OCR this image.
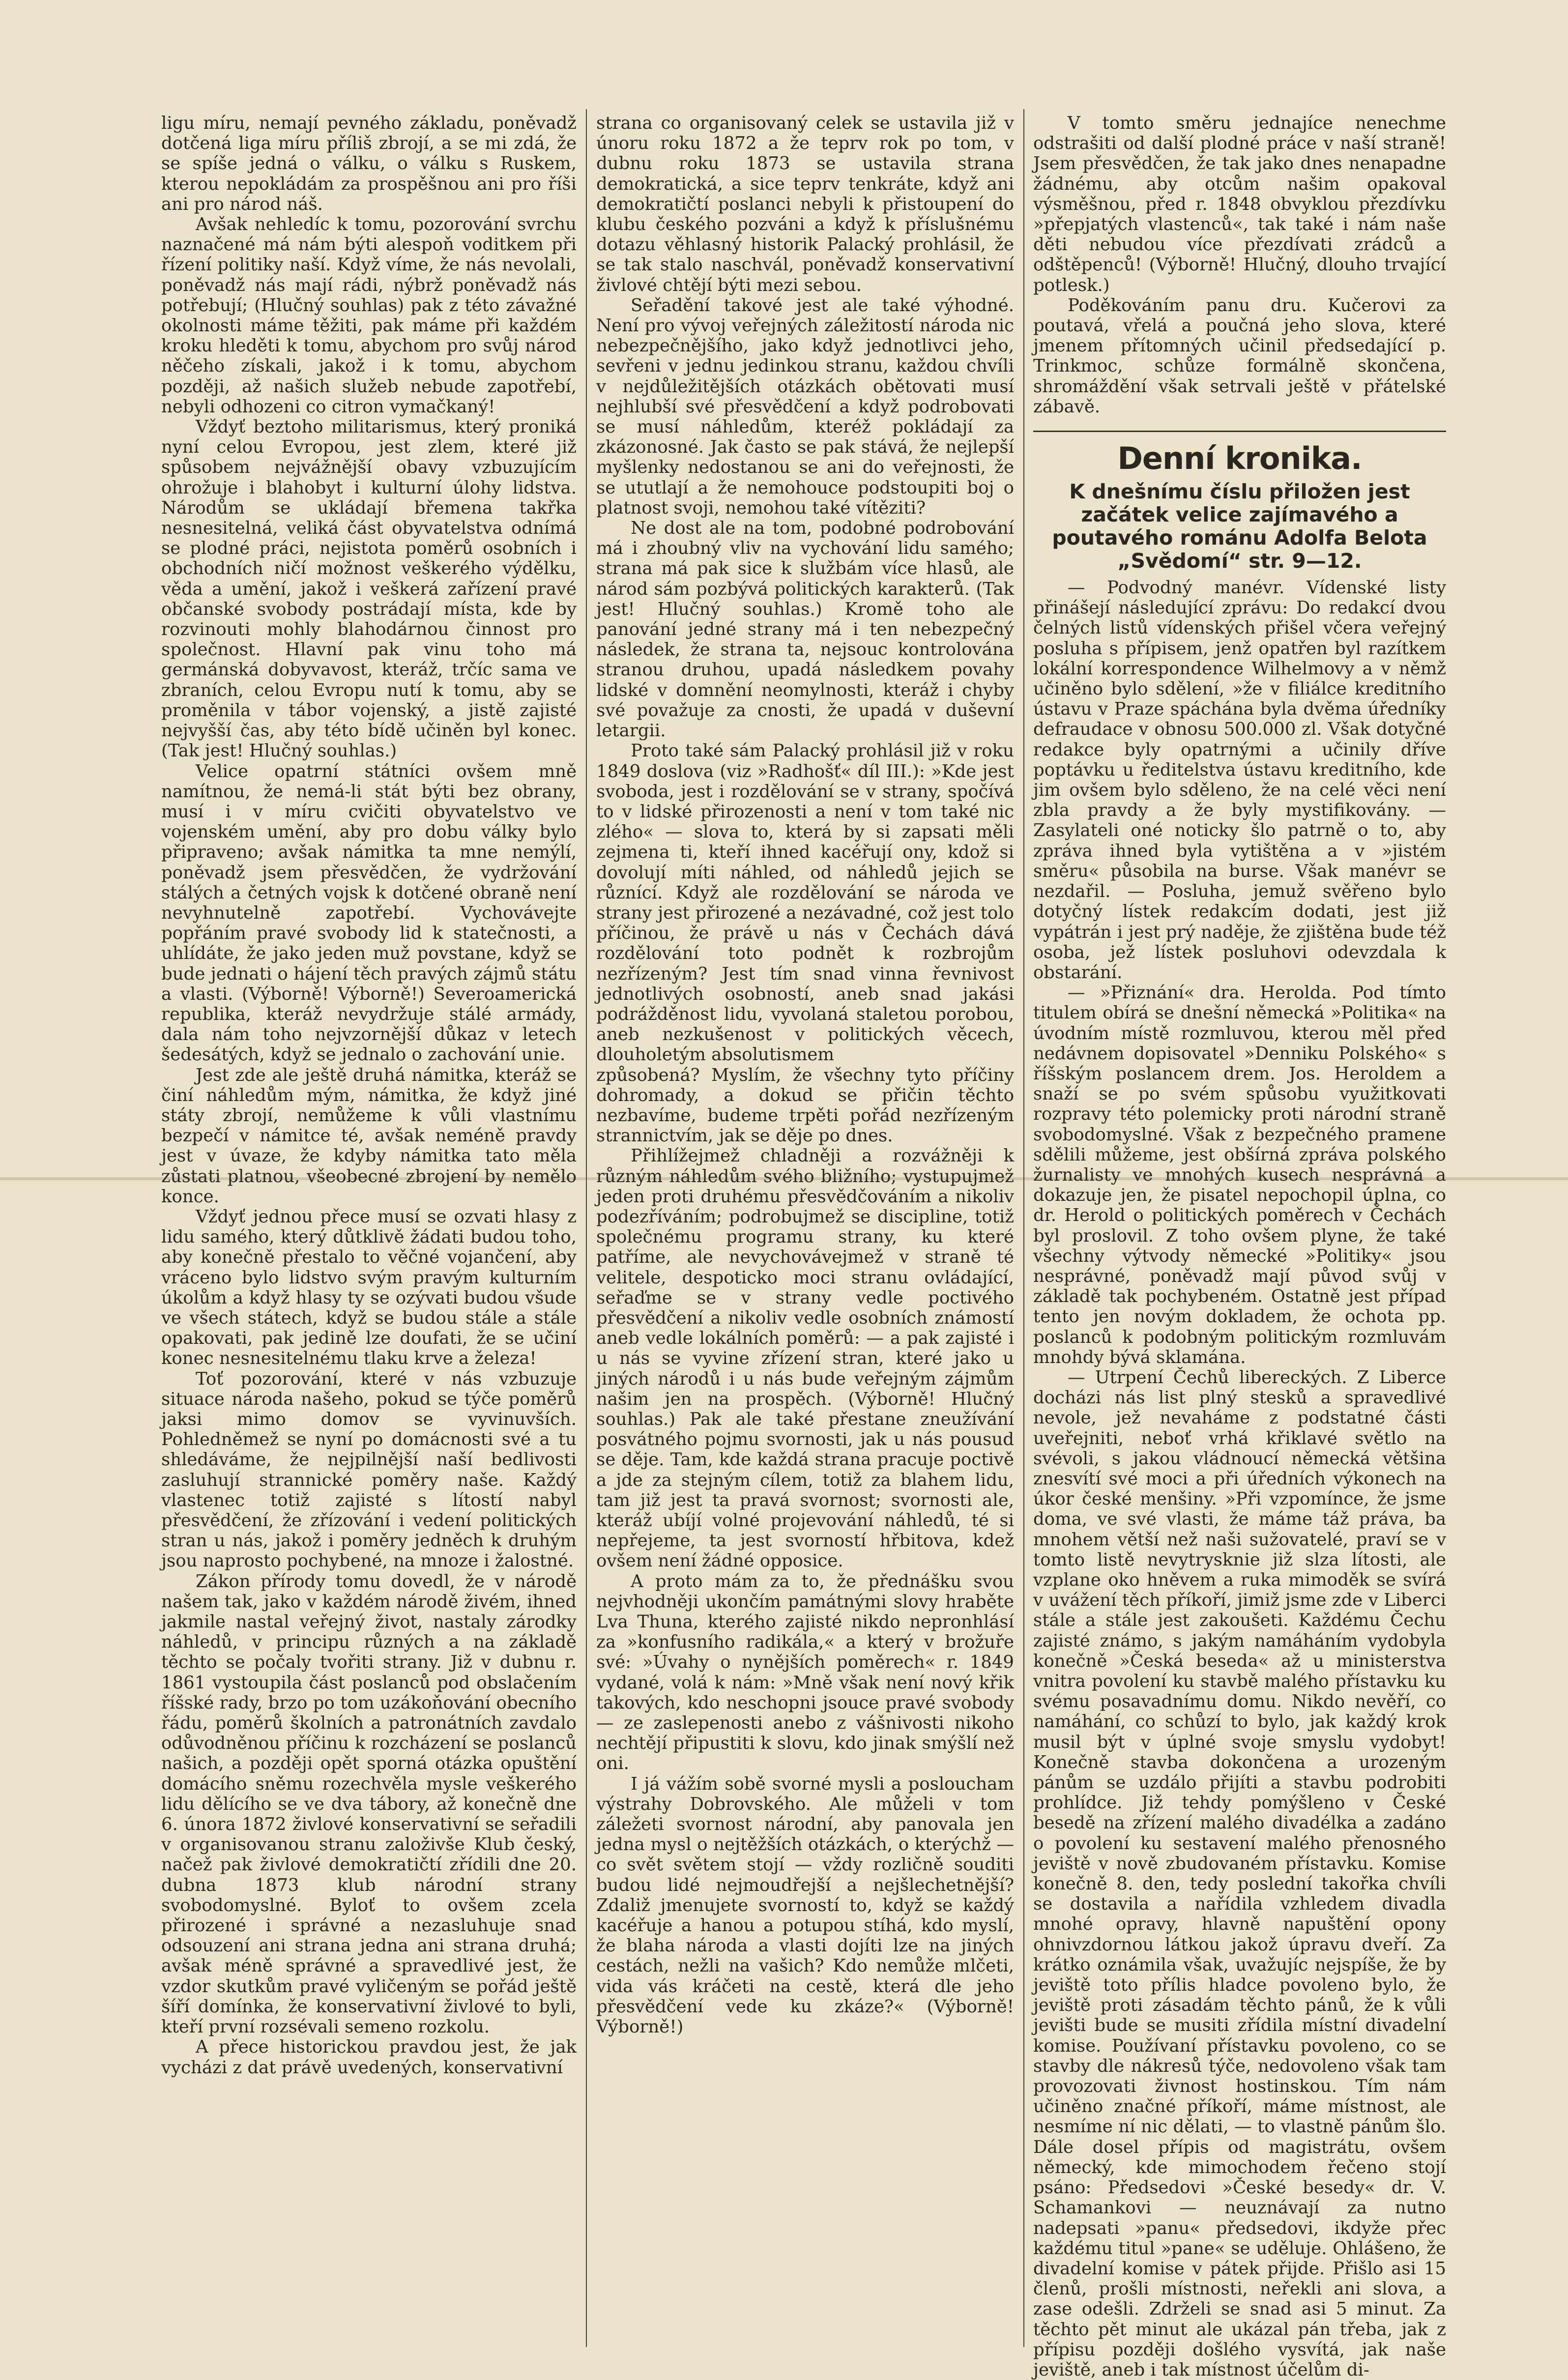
ligu míru, nemají pevného základu, poněvadž dotčená liga míru příliš zbrojí, a se mi zdá, že se spíše jedná o válku, o válku s Ruskem, kterou nepokládám za prospěšnou ani pro říši ani pro národ náš.

Avšak nehledíc k tomu, pozorování svrchu naznačené má nám býti alespoň voditkem při řízení politiky naší. Když víme, že nás nevolali, poněvadž nás mají rádi, nýbrž poněvadž nás potřebují; (Hlučný souhlas) pak z této závažné okolnosti máme těžiti, pak máme při každém kroku hleděti k tomu, abychom pro svůj národ něčeho získali, jakož i k tomu, abychom později, až našich služeb nebude zapotřebí, nebyli odhozeni co citron vymačkaný!

Vždyť beztoho militarismus, který proniká nyní celou Evropou, jest zlem, které již spůsobem nejvážnější obavy vzbuzujícím ohrožuje i blahobyt i kulturní úlohy lidstva. Národům se ukládají břemena takřka nesnesitelná, veliká část obyvatelstva odnímá se plodné práci, nejistota poměrů osobních i obchodních ničí možnost veškerého výdělku, věda a umění, jakož i veškerá zařízení pravé občanské svobody postrádají místa, kde by rozvinouti mohly blahodárnou činnost pro společnost. Hlavní pak vinu toho má germánská dobyvavost, kteráž, trčíc sama ve zbraních, celou Evropu nutí k tomu, aby se proměnila v tábor vojenský, a jistě zajisté nejvyšší čas, aby této bídě učiněn byl konec. (Tak jest! Hlučný souhlas.)

Velice opatrní státníci ovšem mně namítnou, že nemá-li stát býti bez obrany, musí i v míru cvičiti obyvatelstvo ve vojenském umění, aby pro dobu války bylo připraveno; avšak námitka ta mne nemýlí, poněvadž jsem přesvědčen, že vydržování stálých a četných vojsk k dotčené obraně není nevyhnutelně zapotřebí. Vychovávejte popřáním pravé svobody lid k statečnosti, a uhlídáte, že jako jeden muž povstane, když se bude jednati o hájení těch pravých zájmů státu a vlasti. (Výborně! Výborně!) Severoamerická republika, kteráž nevydržuje stálé armády, dala nám toho nejvzornější důkaz v letech šedesátých, když se jednalo o zachování unie.

Jest zde ale ještě druhá námitka, kteráž se činí náhledům mým, námitka, že když jiné státy zbrojí, nemůžeme k vůli vlastnímu bezpečí v námitce té, avšak neméně pravdy jest v úvaze, že kdyby námitka tato měla zůstati platnou, všeobecné zbrojení by nemělo konce.

Vždyť jednou přece musí se ozvati hlasy z lidu samého, který důtklivě žádati budou toho, aby konečně přestalo to věčné vojančení, aby vráceno bylo lidstvo svým pravým kulturním úkolům a když hlasy ty se ozývati budou všude ve všech státech, když se budou stále a stále opakovati, pak jedině lze doufati, že se učiní konec nesnesitelnému tlaku krve a železa!

Toť pozorování, které v nás vzbuzuje situace národa našeho, pokud se týče poměrů jaksi mimo domov se vyvinuvších. Pohledněmež se nyní po domácnosti své a tu shledáváme, že nejpilnější naší bedlivosti zasluhují strannické poměry naše. Každý vlastenec totiž zajisté s lítostí nabyl přesvědčení, že zřízování i vedení politických stran u nás, jakož i poměry jedněch k druhým jsou naprosto pochybené, na mnoze i žalostné.

Zákon přírody tomu dovedl, že v národě našem tak, jako v každém národě živém, ihned jakmile nastal veřejný život, nastaly zárodky náhledů, v principu různých a na základě těchto se počaly tvořiti strany. Již v dubnu r. 1861 vystoupila část poslanců pod obslačením říšské rady, brzo po tom uzákoňování obecního řádu, poměrů školních a patronátních zavdalo odůvodněnou příčinu k rozcházení se poslanců našich, a později opět sporná otázka opuštění domácího sněmu rozechvěla mysle veškerého lidu dělícího se ve dva tábory, až konečně dne 6. února 1872 živlové konservativní se seřadili v organisovanou stranu založivše Klub český, načež pak živlové demokratičtí zřídili dne 20. dubna 1873 klub národní strany svobodomyslné. Byloť to ovšem zcela přirozené i správné a nezasluhuje snad odsouzení ani strana jedna ani strana druhá; avšak méně správné a spravedlivé jest, že vzdor skutkům pravé vyličeným se pořád ještě šíří domínka, že konservativní živlové to byli, kteří první rozsévali semeno rozkolu.

A přece historickou pravdou jest, že jak vycházi z dat právě uvedených, konservativní

strana co organisovaný celek se ustavila již v únoru roku 1872 a že teprv rok po tom, v dubnu roku 1873 se ustavila strana demokratická, a sice teprv tenkráte, když ani demokratičtí poslanci nebyli k přistoupení do klubu českého pozváni a když k příslušnému dotazu věhlasný historik Palacký prohlásil, že se tak stalo naschvál, poněvadž konservativní živlové chtějí býti mezi sebou.

Seřadění takové jest ale také výhodné. Není pro vývoj veřejných záležitostí národa nic nebezpečnějšího, jako když jednotlivci jeho, sevřeni v jednu jedinkou stranu, každou chvíli v nejdůležitějších otázkách obětovati musí nejhlubší své přesvědčení a když podrobovati se musí náhledům, kteréž pokládají za zkázonosné. Jak často se pak stává, že nejlepší myšlenky nedostanou se ani do veřejnosti, že se ututlají a že nemohouce podstoupiti boj o platnost svoji, nemohou také vítěziti?

Ne dost ale na tom, podobné podrobování má i zhoubný vliv na vychování lidu samého; strana má pak sice k službám více hlasů, ale národ sám pozbývá politických karakterů. (Tak jest! Hlučný souhlas.) Kromě toho ale panování jedné strany má i ten nebezpečný následek, že strana ta, nejsouc kontrolována stranou druhou, upadá následkem povahy lidské v domnění neomylnosti, kteráž i chyby své považuje za cnosti, že upadá v duševní letargii.

Proto také sám Palacký prohlásil již v roku 1849 doslova (viz »Radhošť« díl III.): »Kde jest svoboda, jest i rozdělování se v strany, spočívá to v lidské přirozenosti a není v tom také nic zlého« — slova to, která by si zapsati měli zejmena ti, kteří ihned kacéřují ony, kdož si dovolují míti náhled, od náhledů jejich se různící. Když ale rozdělování se národa ve strany jest přirozené a nezávadné, což jest tolo příčinou, že právě u nás v Čechách dává rozdělování toto podnět k rozbrojům nezřízeným? Jest tím snad vinna řevnivost jednotlivých osobností, aneb snad jakási podrážděnost lidu, vyvolaná staletou porobou, aneb nezkušenost v politických věcech, dlouholetým absolutismem

způsobená? Myslím, že všechny tyto příčiny dohromady, a dokud se přičin těchto nezbavíme, budeme trpěti pořád nezřízeným strannictvím, jak se děje po dnes.

Přihlížejmež chladněji a rozvážněji k různým náhledům svého bližního; vystupujmež jeden proti druhému přesvědčováním a nikoliv podezříváním; podrobujmež se discipline, totiž společnému programu strany, ku které patříme, ale nevychovávejmež v straně té velitele, despoticko moci stranu ovládající, seřaďme se v strany vedle poctivého přesvědčení a nikoliv vedle osobních známostí aneb vedle lokálních poměrů: — a pak zajisté i u nás se vyvine zřízení stran, které jako u jiných národů i u nás bude veřejným zájmům našim jen na prospěch. (Výborně! Hlučný souhlas.) Pak ale také přestane zneužívání posvátného pojmu svornosti, jak u nás pousud se děje. Tam, kde každá strana pracuje poctivě a jde za stejným cílem, totiž za blahem lidu, tam již jest ta pravá svornost; svornosti ale, kteráž ubíjí volné projevování náhledů, té si nepřejeme, ta jest svorností hřbitova, kdež ovšem není žádné opposice.

A proto mám za to, že přednášku svou nejvhodněji ukončím památnými slovy hraběte Lva Thuna, kterého zajisté nikdo nepronhlásí za »konfusního radikála,« a který v brožuře své: »Úvahy o nynějších poměrech« r. 1849 vydané, volá k nám: »Mně však není nový křik takových, kdo neschopni jsouce pravé svobody — ze zaslepenosti anebo z vášnivosti nikoho nechtějí připustiti k slovu, kdo jinak smýšlí než oni.

I já vážím sobě svorné mysli a posloucham výstrahy Dobrovského. Ale můželi v tom záležeti svornost národní, aby panovala jen jedna mysl o nejtěžších otázkách, o kterýchž — co svět světem stojí — vždy rozličně souditi budou lidé nejmoudřejší a nejšlechetnější? Zdaliž jmenujete svorností to, když se každý kacéřuje a hanou a potupou stíhá, kdo myslí, že blaha národa a vlasti dojíti lze na jiných cestách, nežli na vašich? Kdo nemůže mlčeti, vida vás kráčeti na cestě, která dle jeho přesvědčení vede ku zkáze?« (Výborně! Výborně!)

V tomto směru jednajíce nenechme odstrašiti od další plodné práce v naší straně! Jsem přesvědčen, že tak jako dnes nenapadne žádnému, aby otcům našim opakoval výsměšnou, před r. 1848 obvyklou přezdívku »přepjatých vlastenců«, tak také i nám naše děti nebudou více přezdívati zrádců a odštěpenců! (Výborně! Hlučný, dlouho trvající potlesk.)

Poděkováním panu dru. Kučerovi za poutavá, vřelá a poučná jeho slova, které jmenem přítomných učinil předsedající p. Trinkmoc, schůze formálně skončena, shromáždění však setrvali ještě v přátelské zábavě.

Denní kronika.
K dnešnímu číslu přiložen jest začátek velice zajímavého a poutavého románu Adolfa Belota „Svědomí“ str. 9—12.

— Podvodný manévr. Vídenské listy přinášejí následující zprávu: Do redakcí dvou čelných listů vídenských přišel včera veřejný posluha s přípisem, jenž opatřen byl razítkem lokální korrespondence Wilhelmovy a v němž učiněno bylo sdělení, »že v filiálce kreditního ústavu v Praze spáchána byla dvěma úředníky defraudace v obnosu 500.000 zl. Však dotyčné redakce byly opatrnými a učinily dříve poptávku u ředitelstva ústavu kreditního, kde jim ovšem bylo sděleno, že na celé věci není zbla pravdy a že byly mystifikovány. — Zasylateli oné noticky šlo patrně o to, aby zpráva ihned byla vytištěna a v »jistém směru« působila na burse. Však manévr se nezdařil. — Posluha, jemuž svěřeno bylo dotyčný lístek redakcím dodati, jest již vypátrán i jest prý naděje, že zjištěna bude též osoba, jež lístek posluhovi odevzdala k obstarání.

— »Přiznání« dra. Herolda. Pod tímto titulem obírá se dnešní německá »Politika« na úvodním místě rozmluvou, kterou měl před nedávnem dopisovatel »Denniku Polského« s říšským poslancem drem. Jos. Heroldem a snaží se po svém spůsobu využitkovati rozpravy této polemicky proti národní straně svobodomyslné. Však z bezpečného pramene sdělili můžeme, jest obšírná zpráva polského žurnalisty ve mnohých kusech nesprávná a dokazuje jen, že pisatel nepochopil úplna, co dr. Herold o politických poměrech v Čechách byl proslovil. Z toho ovšem plyne, že také všechny výtvody německé »Politiky« jsou nesprávné, poněvadž mají původ svůj v základě tak pochybeném. Ostatně jest případ tento jen novým dokladem, že ochota pp. poslanců k podobným politickým rozmluvám mnohdy bývá sklamána.

— Utrpení Čechů libereckých. Z Liberce docházi nás list plný stesků a spravedlivé nevole, jež nevaháme z podstatné části uveřejniti, neboť vrhá křiklavé světlo na svévoli, s jakou vládnoucí německá většina znesvítí své moci a při úředních výkonech na úkor české menšiny. »Při vzpomínce, že jsme doma, ve své vlasti, že máme táž práva, ba mnohem větší než naši sužovatelé, praví se v tomto listě nevytrysknie již slza lítosti, ale vzplane oko hněvem a ruka mimoděk se svírá v uvážení těch příkoří, jimiž jsme zde v Liberci stále a stále jest zakoušeti. Každému Čechu zajisté známo, s jakým namáháním vydobyla konečně »Česká beseda« až u ministerstva vnitra povolení ku stavbě malého přístavku ku svému posavadnímu domu. Nikdo nevěří, co namáhání, co schůzí to bylo, jak každý krok musil být v úplné svoje smyslu vydobyt! Konečně stavba dokončena a urozeným pánům se uzdálo přijíti a stavbu podrobiti prohlídce. Již tehdy pomýšleno v České besedě na zřízení malého divadélka a zadáno o povolení ku sestavení malého přenosného jeviště v nově zbudovaném přístavku. Komise konečně 8. den, tedy poslední takořka chvíli se dostavila a nařídila vzhledem divadla mnohé opravy, hlavně napuštění opony ohnivzdornou látkou jakož úpravu dveří. Za krátko oznámila však, uvažujíc nejspíše, že by jeviště toto přílis hladce povoleno bylo, že jeviště proti zásadám těchto pánů, že k vůli jevišti bude se musiti zřídila místní divadelní komise. Používaní přístavku povoleno, co se stavby dle nákresů týče, nedovoleno však tam provozovati živnost hostinskou. Tím nám učiněno značné příkoří, máme místnost, ale nesmíme ní nic dělati, — to vlastně pánům šlo. Dále dosel přípis od magistrátu, ovšem německý, kde mimochodem řečeno stojí psáno: Předsedovi »České besedy« dr. V. Schamankovi — neuznávají za nutno nadepsati »panu« předsedovi, ikdyže přec každému titul »pane« se uděluje. Ohlášeno, že divadelní komise v pátek přijde. Přišlo asi 15 členů, prošli místnosti, neřekli ani slova, a zase odešli. Zdrželi se snad asi 5 minut. Za těchto pět minut ale ukázal pán třeba, jak z přípisu později došlého vysvítá, jak naše jeviště, aneb i tak místnost účelům di-
